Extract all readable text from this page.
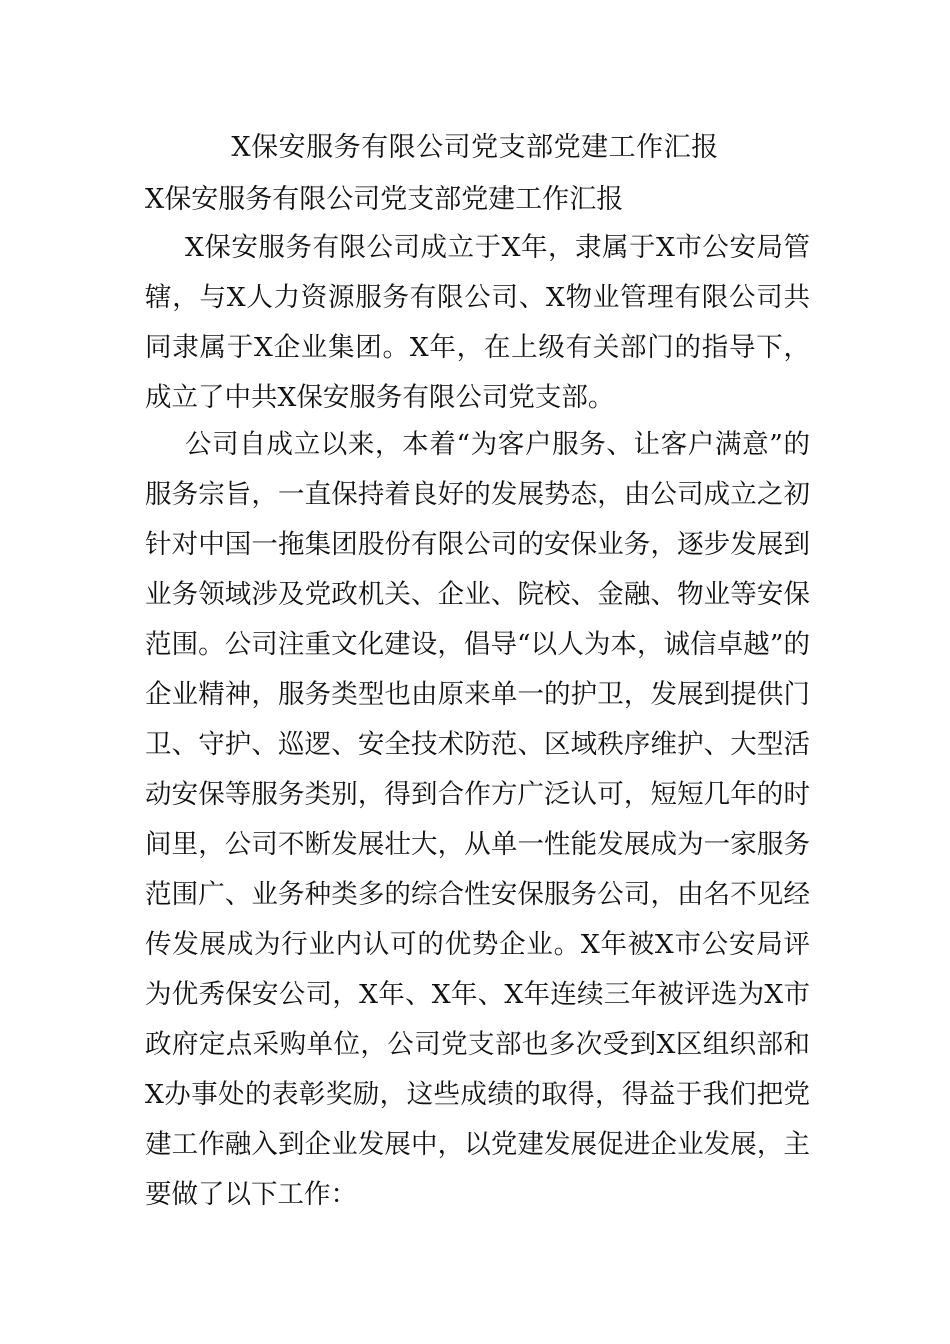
X保安服务有限公司党支部党建工作汇报
X保安服务有限公司党支部党建工作汇报

X保安服务有限公司成立于X年，隶属于X市公安局管辖，与X人力资源服务有限公司、X物业管理有限公司共同隶属于X企业集团。X年，在上级有关部门的指导下，成立了中共X保安服务有限公司党支部。

公司自成立以来，本着“为客户服务、让客户满意”的服务宗旨，一直保持着良好的发展势态，由公司成立之初针对中国一拖集团股份有限公司的安保业务，逐步发展到业务领域涉及党政机关、企业、院校、金融、物业等安保范围。公司注重文化建设，倡导“以人为本，诚信卓越”的企业精神，服务类型也由原来单一的护卫，发展到提供门卫、守护、巡逻、安全技术防范、区域秩序维护、大型活动安保等服务类别，得到合作方广泛认可，短短几年的时间里，公司不断发展壮大，从单一性能发展成为一家服务范围广、业务种类多的综合性安保服务公司，由名不见经传发展成为行业内认可的优势企业。X年被X市公安局评为优秀保安公司，X年、X年、X年连续三年被评选为X市政府定点采购单位，公司党支部也多次受到X区组织部和X办事处的表彰奖励，这些成绩的取得，得益于我们把党建工作融入到企业发展中，以党建发展促进企业发展，主要做了以下工作：
